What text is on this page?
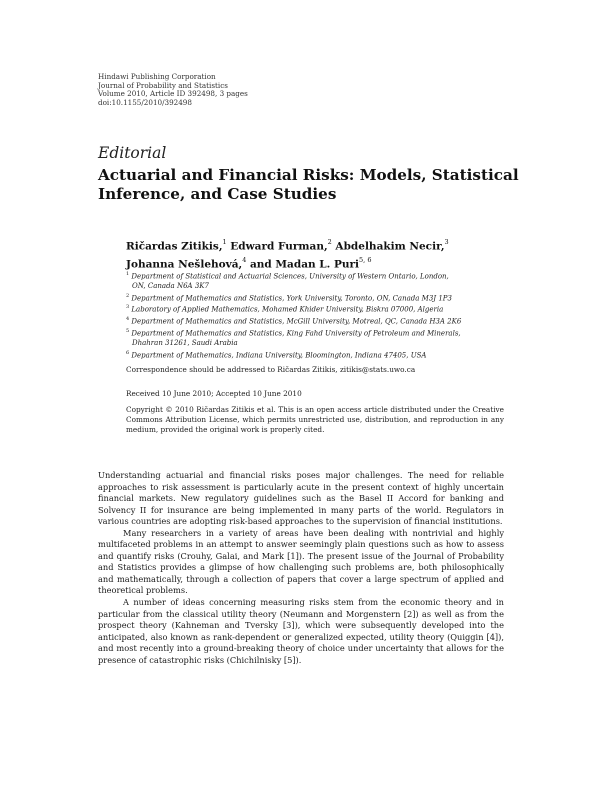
Hindawi Publishing Corporation
Journal of Probability and Statistics
Volume 2010, Article ID 392498, 3 pages
doi:10.1155/2010/392498
Editorial
Actuarial and Financial Risks: Models, Statistical
Inference, and Case Studies
Ričardas Zitikis,$^1$ Edward Furman,$^2$ Abdelhakim Necir,$^3$
Johanna Nešlehová,$^4$ and Madan L. Puri$^{5, 6}$
$^1$ Department of Statistical and Actuarial Sciences, University of Western Ontario, London,
ON, Canada N6A 3K7
$^2$ Department of Mathematics and Statistics, York University, Toronto, ON, Canada M3J 1P3
$^3$ Laboratory of Applied Mathematics, Mohamed Khider University, Biskra 07000, Algeria
$^4$ Department of Mathematics and Statistics, McGill University, Motreal, QC, Canada H3A 2K6
$^5$ Department of Mathematics and Statistics, King Fahd University of Petroleum and Minerals,
Dhahran 31261, Saudi Arabia
$^6$ Department of Mathematics, Indiana University, Bloomington, Indiana 47405, USA
Correspondence should be addressed to Ričardas Zitikis, zitikis@stats.uwo.ca
Received 10 June 2010; Accepted 10 June 2010
Copyright © 2010 Ričardas Zitikis et al. This is an open access article distributed under the Creative Commons Attribution License, which permits unrestricted use, distribution, and reproduction in any medium, provided the original work is properly cited.

Understanding actuarial and financial risks poses major challenges. The need for reliable approaches to risk assessment is particularly acute in the present context of highly uncertain financial markets. New regulatory guidelines such as the Basel II Accord for banking and Solvency II for insurance are being implemented in many parts of the world. Regulators in various countries are adopting risk-based approaches to the supervision of financial institutions.

Many researchers in a variety of areas have been dealing with nontrivial and highly multifaceted problems in an attempt to answer seemingly plain questions such as how to assess and quantify risks (Crouhy, Galai, and Mark [1]). The present issue of the Journal of Probability and Statistics provides a glimpse of how challenging such problems are, both philosophically and mathematically, through a collection of papers that cover a large spectrum of applied and theoretical problems.

A number of ideas concerning measuring risks stem from the economic theory and in particular from the classical utility theory (Neumann and Morgenstern [2]) as well as from the prospect theory (Kahneman and Tversky [3]), which were subsequently developed into the anticipated, also known as rank-dependent or generalized expected, utility theory (Quiggin [4]), and most recently into a ground-breaking theory of choice under uncertainty that allows for the presence of catastrophic risks (Chichilnisky [5]).
